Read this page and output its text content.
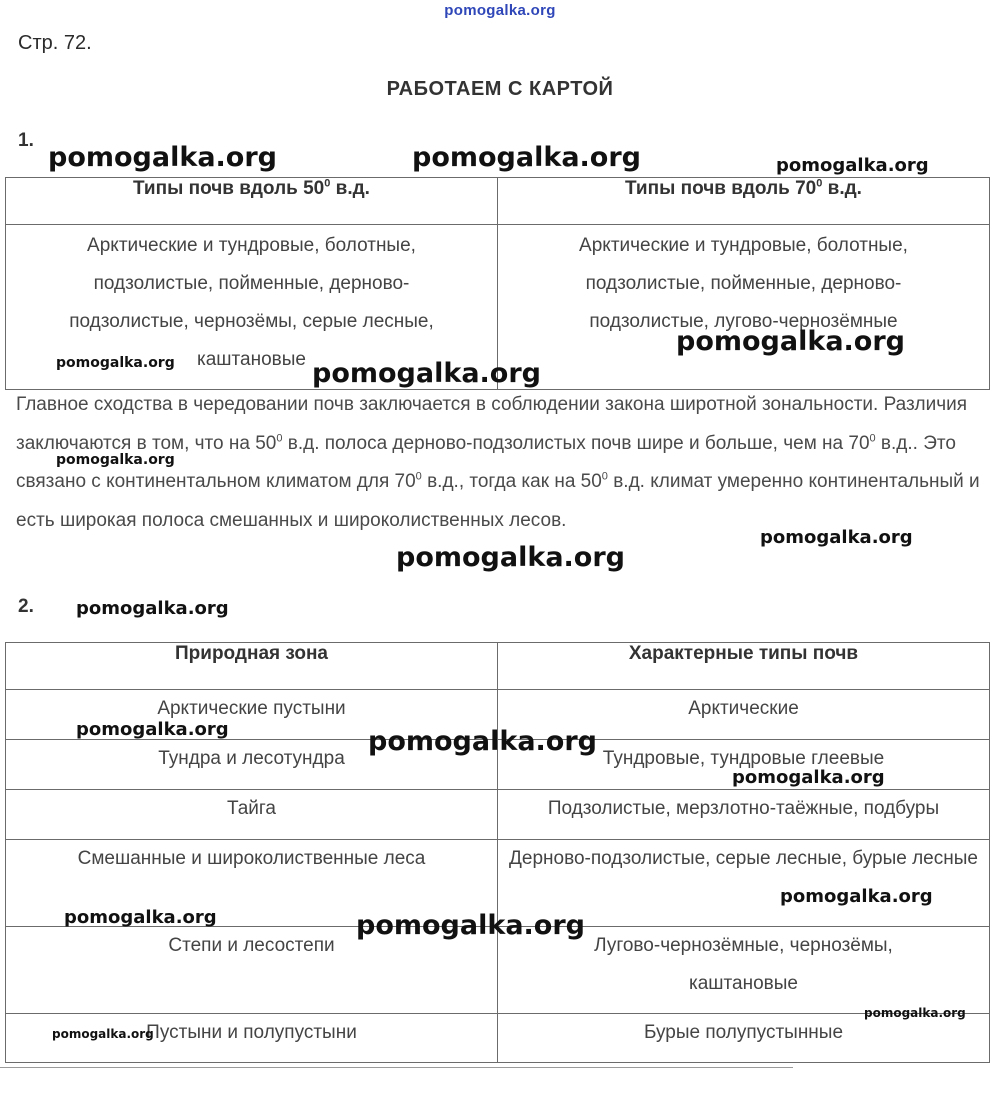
pomogalka.org
Стр. 72.
РАБОТАЕМ С КАРТОЙ
1.
Типы почв вдоль $50^0$ в.д.	Типы почв вдоль $70^0$ в.д.
Арктические и тундровые, болотные, подзолистые, пойменные, дерново-подзолистые, чернозёмы, серые лесные, каштановые	Арктические и тундровые, болотные, подзолистые, пойменные, дерново-подзолистые, лугово-чернозёмные
Главное сходства в чередовании почв заключается в соблюдении закона широтной зональности. Различия заключаются в том, что на $50^0$ в.д. полоса дерново-подзолистых почв шире и больше, чем на $70^0$ в.д.. Это связано с континентальном климатом для $70^0$ в.д., тогда как на $50^0$ в.д. климат умеренно континентальный и есть широкая полоса смешанных и широколиственных лесов.
2.
Природная зона	Характерные типы почв
Арктические пустыни	Арктические
Тундра и лесотундра	Тундровые, тундровые глеевые
Тайга	Подзолистые, мерзлотно-таёжные, подбуры
Смешанные и широколиственные леса	Дерново-подзолистые, серые лесные, бурые лесные
Степи и лесостепи	Лугово-чернозёмные, чернозёмы, каштановые
Пустыни и полупустыни	Бурые полупустынные
pomogalka.org	pomogalka.org	pomogalka.org
pomogalka.org
pomogalka.org
pomogalka.org
pomogalka.org
pomogalka.org
pomogalka.org
pomogalka.org
pomogalka.org	pomogalka.org
pomogalka.org
pomogalka.org
pomogalka.org	pomogalka.org
pomogalka.org
pomogalka.org
